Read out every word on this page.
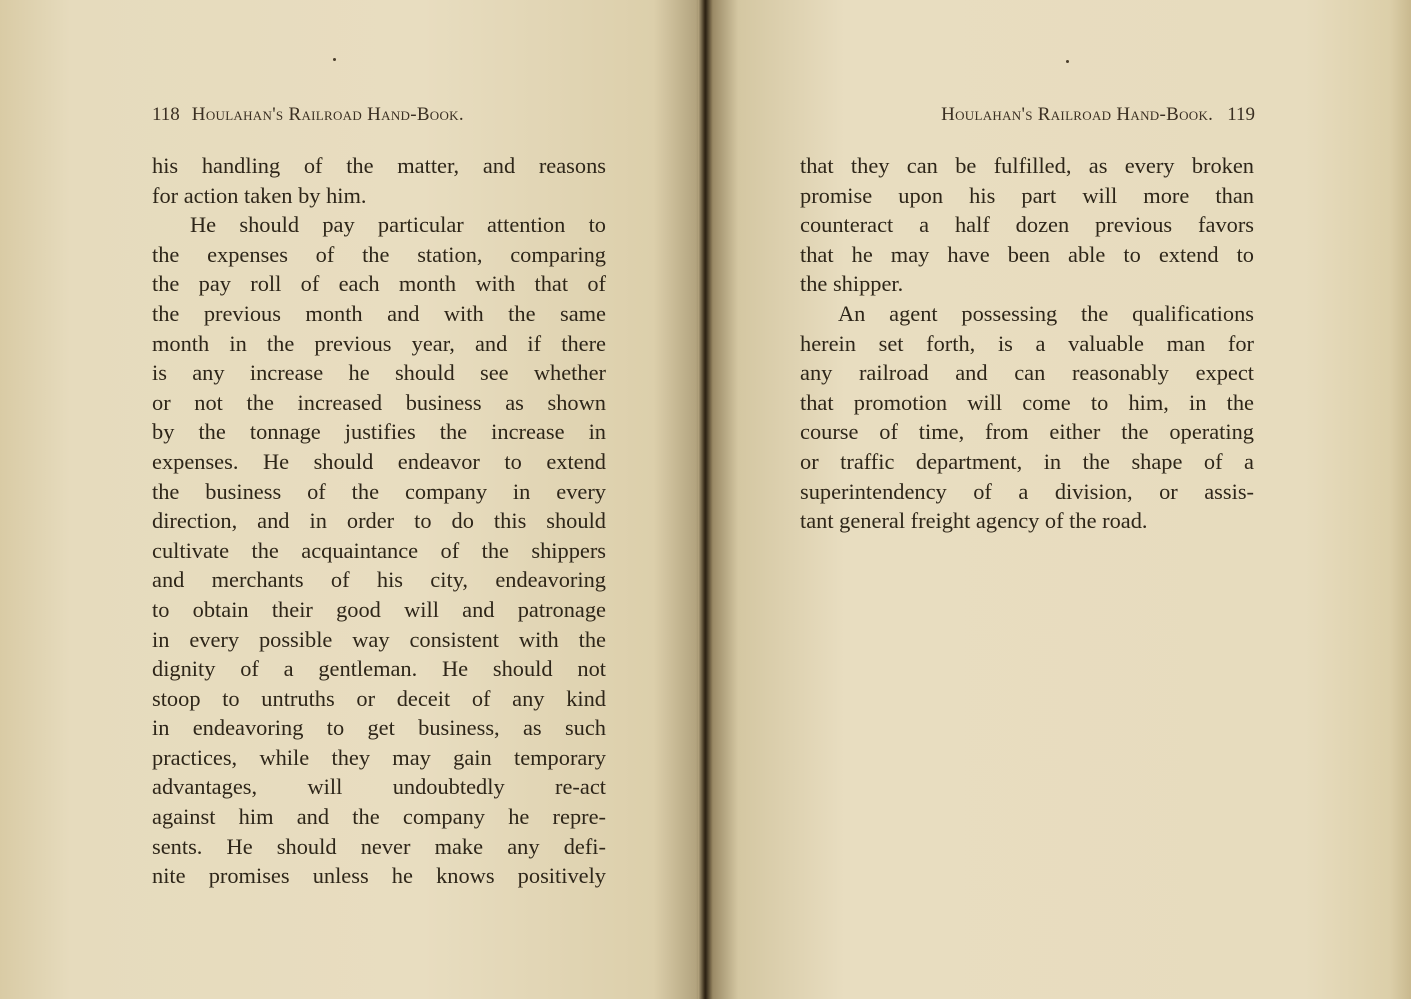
118 Houlahan's Railroad Hand-Book.
his handling of the matter, and reasons
for action taken by him.
He should pay particular attention to
the expenses of the station, comparing
the pay roll of each month with that of
the previous month and with the same
month in the previous year, and if there
is any increase he should see whether
or not the increased business as shown
by the tonnage justifies the increase in
expenses. He should endeavor to extend
the business of the company in every
direction, and in order to do this should
cultivate the acquaintance of the shippers
and merchants of his city, endeavoring
to obtain their good will and patronage
in every possible way consistent with the
dignity of a gentleman. He should not
stoop to untruths or deceit of any kind
in endeavoring to get business, as such
practices, while they may gain temporary
advantages, will undoubtedly re-act
against him and the company he repre-
sents. He should never make any defi-
nite promises unless he knows positively
Houlahan's Railroad Hand-Book. 119
that they can be fulfilled, as every broken
promise upon his part will more than
counteract a half dozen previous favors
that he may have been able to extend to
the shipper.
An agent possessing the qualifications
herein set forth, is a valuable man for
any railroad and can reasonably expect
that promotion will come to him, in the
course of time, from either the operating
or traffic department, in the shape of a
superintendency of a division, or assis-
tant general freight agency of the road.
